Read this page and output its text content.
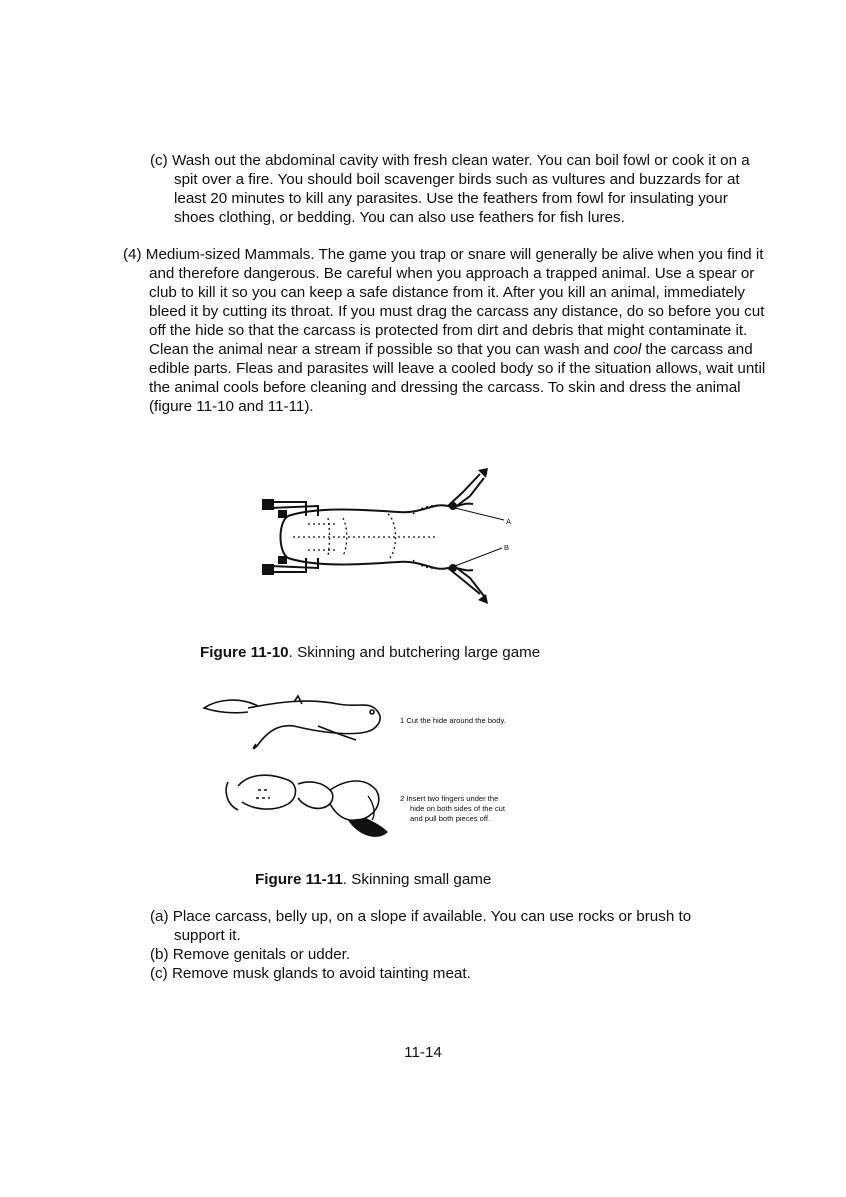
(c) Wash out the abdominal cavity with fresh clean water. You can boil fowl or cook it on a spit over a fire. You should boil scavenger birds such as vultures and buzzards for at least 20 minutes to kill any parasites. Use the feathers from fowl for insulating your shoes clothing, or bedding. You can also use feathers for fish lures.
(4) Medium-sized Mammals. The game you trap or snare will generally be alive when you find it and therefore dangerous. Be careful when you approach a trapped animal. Use a spear or club to kill it so you can keep a safe distance from it. After you kill an animal, immediately bleed it by cutting its throat. If you must drag the carcass any distance, do so before you cut off the hide so that the carcass is protected from dirt and debris that might contaminate it. Clean the animal near a stream if possible so that you can wash and cool the carcass and edible parts. Fleas and parasites will leave a cooled body so if the situation allows, wait until the animal cools before cleaning and dressing the carcass. To skin and dress the animal (figure 11-10 and 11-11).
A
B
Figure 11-10. Skinning and butchering large game
1 Cut the hide around the body.
2 Insert two fingers under the
hide on both sides of the cut
and pull both pieces off.
Figure 11-11. Skinning small game
(a) Place carcass, belly up, on a slope if available. You can use rocks or brush to support it.
(b) Remove genitals or udder.
(c) Remove musk glands to avoid tainting meat.
11-14
